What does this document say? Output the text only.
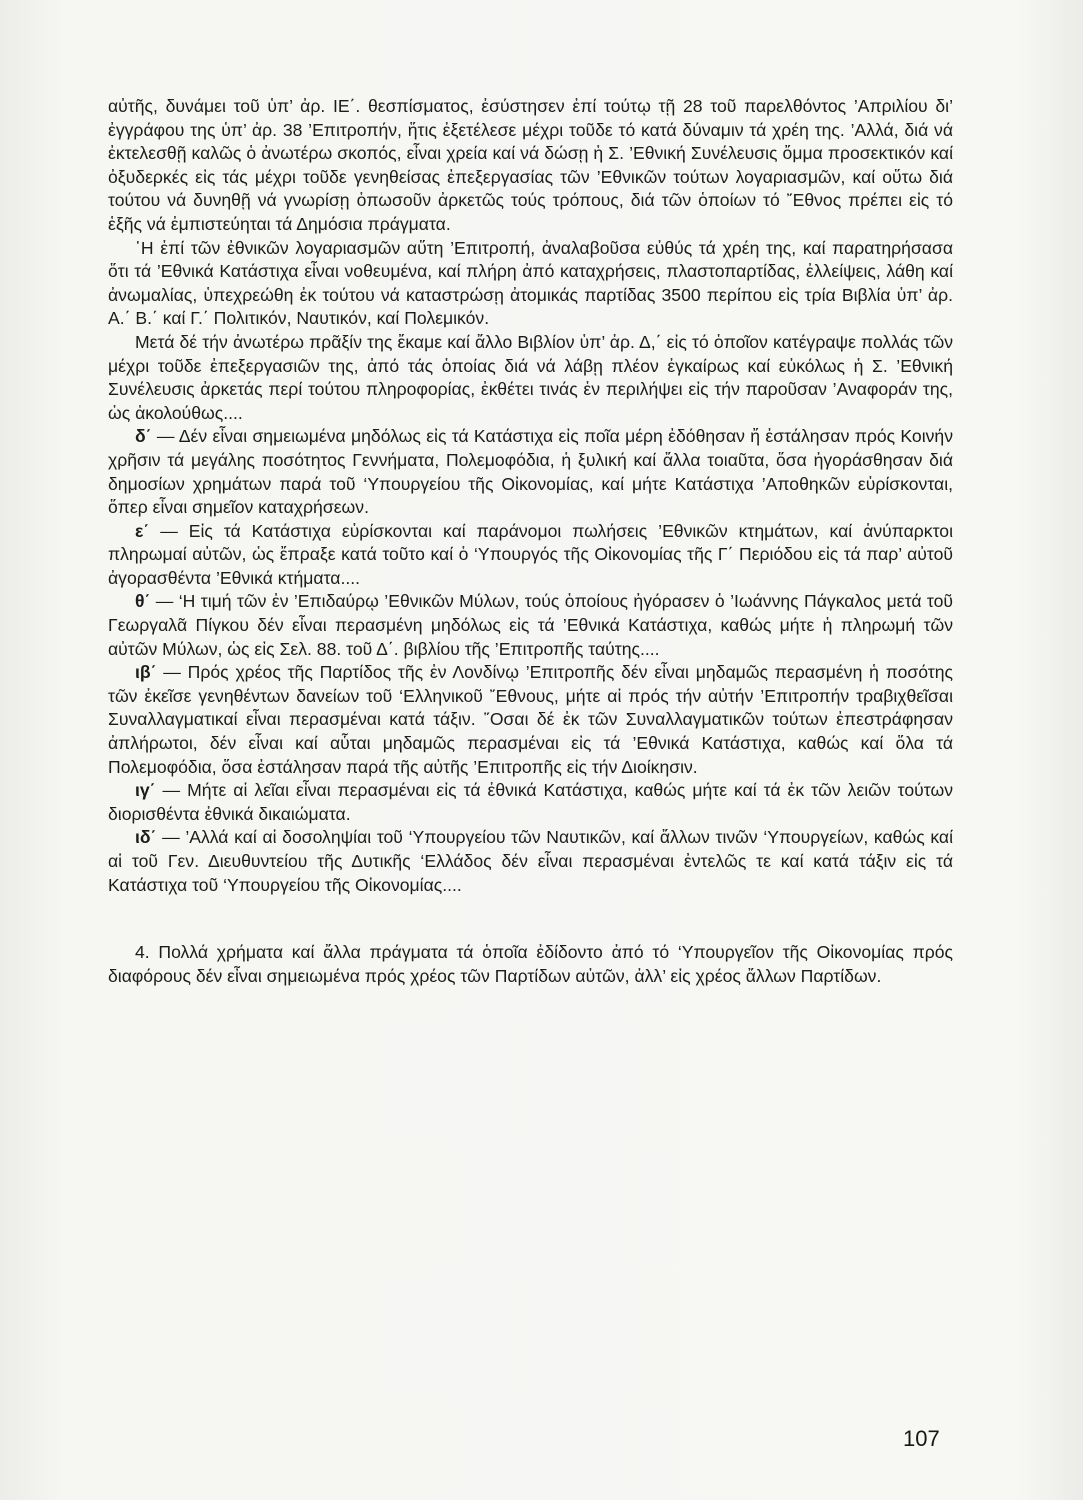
αὐτῆς, δυνάμει τοῦ ὑπ’ ἀρ. ΙΕ΄. θεσπίσματος, ἐσύστησεν ἐπί τούτῳ τῇ 28 τοῦ παρελθόντος ’Απριλίου δι’ ἐγγράφου της ὑπ’ ἀρ. 38 ’Επιτροπήν, ἥτις ἐξετέλεσε μέχρι τοῦδε τό κατά δύναμιν τά χρέη της. ’Αλλά, διά νά ἐκτελεσθῇ καλῶς ὁ ἀνωτέρω σκοπός, εἶναι χρεία καί νά δώσῃ ἡ Σ. ’Εθνική Συνέλευσις ὄμμα προσεκτικόν καί ὀξυδερκές εἰς τάς μέχρι τοῦδε γενηθείσας ἐπεξεργασίας τῶν ’Εθνικῶν τούτων λογαριασμῶν, καί οὕτω διά τούτου νά δυνηθῇ νά γνωρίσῃ ὁπωσοῦν ἀρκετῶς τούς τρόπους, διά τῶν ὁποίων τό ῎Εθνος πρέπει εἰς τό ἑξῆς νά ἐμπιστεύηται τά Δημόσια πράγματα.

῾Η ἐπί τῶν ἐθνικῶν λογαριασμῶν αὕτη ’Επιτροπή, ἀναλαβοῦσα εὐθύς τά χρέη της, καί παρατηρήσασα ὅτι τά ’Εθνικά Κατάστιχα εἶναι νοθευμένα, καί πλήρη ἀπό καταχρήσεις, πλαστοπαρτίδας, ἐλλείψεις, λάθη καί ἀνωμαλίας, ὑπεχρεώθη ἐκ τούτου νά καταστρώσῃ ἀτομικάς παρτίδας 3500 περίπου εἰς τρία Βιβλία ὑπ’ ἀρ. Α.΄ Β.΄ καί Γ.΄ Πολιτικόν, Ναυτικόν, καί Πολεμικόν.

Μετά δέ τήν ἀνωτέρω πρᾶξίν της ἔκαμε καί ἄλλο Βιβλίον ὑπ’ ἀρ. Δ,΄ εἰς τό ὁποῖον κατέγραψε πολλάς τῶν μέχρι τοῦδε ἐπεξεργασιῶν της, ἀπό τάς ὁποίας διά νά λάβῃ πλέον ἐγκαίρως καί εὐκόλως ἡ Σ. ’Εθνική Συνέλευσις ἀρκετάς περί τούτου πληροφορίας, ἐκθέτει τινάς ἐν περιλήψει εἰς τήν παροῦσαν ’Αναφοράν της, ὡς ἀκολούθως....

δ΄ — Δέν εἶναι σημειωμένα μηδόλως εἰς τά Κατάστιχα εἰς ποῖα μέρη ἐδόθησαν ἤ ἐστάλησαν πρός Κοινήν χρῆσιν τά μεγάλης ποσότητος Γεννήματα, Πολεμοφόδια, ἡ ξυλική καί ἄλλα τοιαῦτα, ὅσα ἠγοράσθησαν διά δημοσίων χρημάτων παρά τοῦ ‘Υπουργείου τῆς Οἰκονομίας, καί μήτε Κατάστιχα ’Αποθηκῶν εὑρίσκονται, ὅπερ εἶναι σημεῖον καταχρήσεων.

ε΄ — Εἰς τά Κατάστιχα εὑρίσκονται καί παράνομοι πωλήσεις ’Εθνικῶν κτημάτων, καί ἀνύπαρκτοι πληρωμαί αὐτῶν, ὡς ἔπραξε κατά τοῦτο καί ὁ ‘Υπουργός τῆς Οἰκονομίας τῆς Γ΄ Περιόδου εἰς τά παρ’ αὐτοῦ ἀγορασθέντα ’Εθνικά κτήματα....

θ΄ — ‘Η τιμή τῶν ἐν ’Επιδαύρῳ ’Εθνικῶν Μύλων, τούς ὁποίους ἠγόρασεν ὁ ’Ιωάννης Πάγκαλος μετά τοῦ Γεωργαλᾶ Πίγκου δέν εἶναι περασμένη μηδόλως εἰς τά ’Εθνικά Κατάστιχα, καθώς μήτε ἡ πληρωμή τῶν αὐτῶν Μύλων, ὡς εἰς Σελ. 88. τοῦ Δ΄. βιβλίου τῆς ’Επιτροπῆς ταύτης....

ιβ΄ — Πρός χρέος τῆς Παρτίδος τῆς ἐν Λονδίνῳ ’Επιτροπῆς δέν εἶναι μηδαμῶς περασμένη ἡ ποσότης τῶν ἐκεῖσε γενηθέντων δανείων τοῦ ‘Ελληνικοῦ ῎Εθνους, μήτε αἱ πρός τήν αὐτήν ’Επιτροπήν τραβιχθεῖσαι Συναλλαγματικαί εἶναι περασμέναι κατά τάξιν. ῞Οσαι δέ ἐκ τῶν Συναλλαγματικῶν τούτων ἐπεστράφησαν ἀπλήρωτοι, δέν εἶναι καί αὗται μηδαμῶς περασμέναι εἰς τά ’Εθνικά Κατάστιχα, καθώς καί ὅλα τά Πολεμοφόδια, ὅσα ἐστάλησαν παρά τῆς αὐτῆς ’Επιτροπῆς εἰς τήν Διοίκησιν.

ιγ΄ — Μήτε αἱ λεῖαι εἶναι περασμέναι εἰς τά ἐθνικά Κατάστιχα, καθώς μήτε καί τά ἐκ τῶν λειῶν τούτων διορισθέντα ἐθνικά δικαιώματα.

ιδ΄ — ’Αλλά καί αἱ δοσοληψίαι τοῦ ‘Υπουργείου τῶν Ναυτικῶν, καί ἄλλων τινῶν ‘Υπουργείων, καθώς καί αἱ τοῦ Γεν. Διευθυντείου τῆς Δυτικῆς ‘Ελλάδος δέν εἶναι περασμέναι ἐντελῶς τε καί κατά τάξιν εἰς τά Κατάστιχα τοῦ ‘Υπουργείου τῆς Οἰκονομίας....

4. Πολλά χρήματα καί ἄλλα πράγματα τά ὁποῖα ἐδίδοντο ἀπό τό ‘Υπουργεῖον τῆς Οἰκονομίας πρός διαφόρους δέν εἶναι σημειωμένα πρός χρέος τῶν Παρτίδων αὐτῶν, ἀλλ’ εἰς χρέος ἄλλων Παρτίδων.

107
